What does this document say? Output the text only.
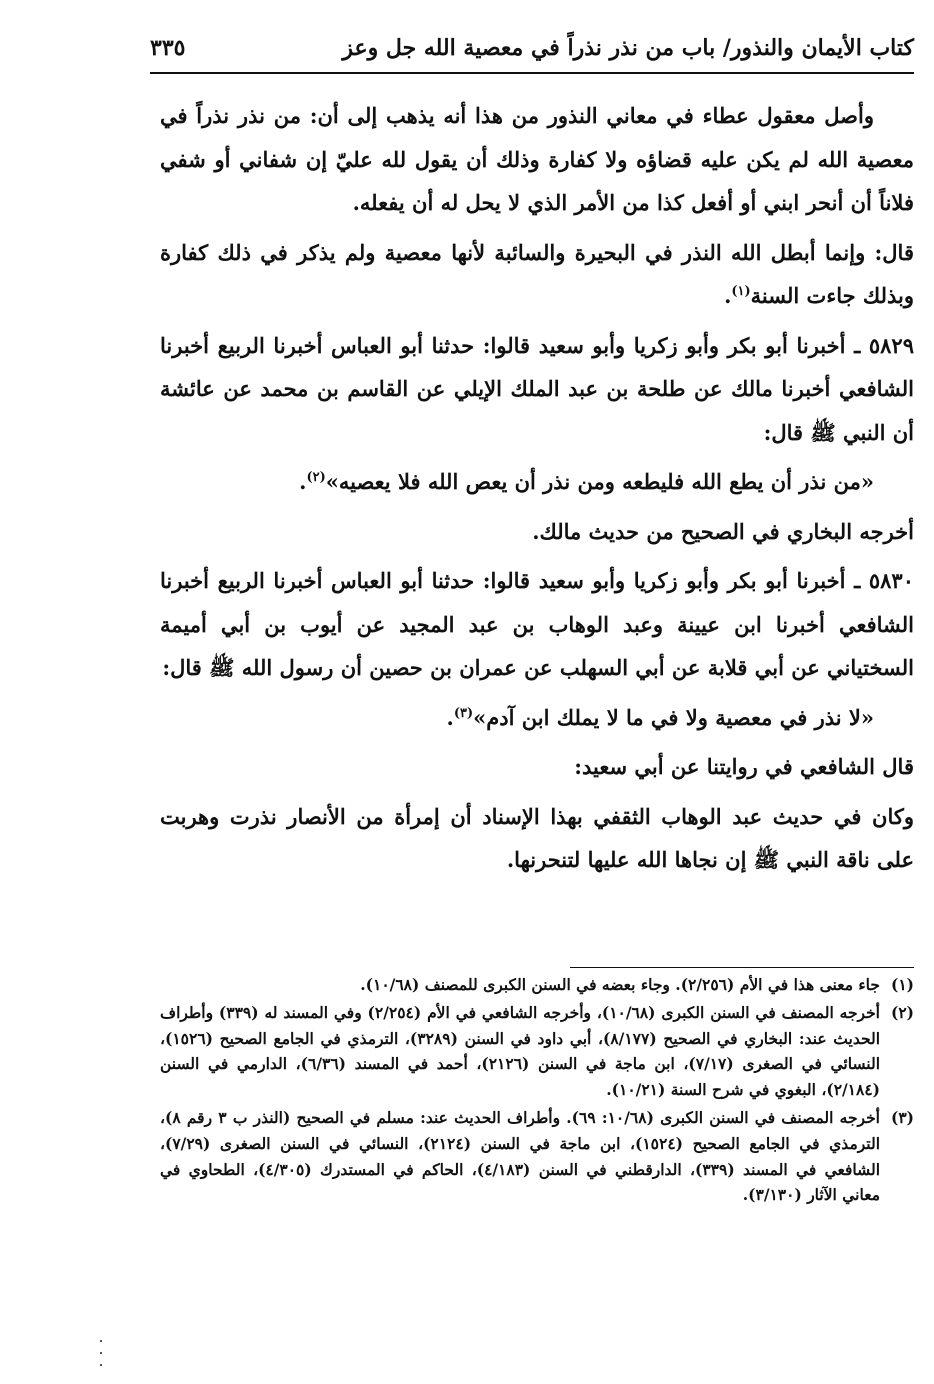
كتاب الأيمان والنذور/ باب من نذر نذراً في معصية الله جل وعز
٣٣٥

وأصل معقول عطاء في معاني النذور من هذا أنه يذهب إلى أن: من نذر نذراً في معصية الله لم يكن عليه قضاؤه ولا كفارة وذلك أن يقول لله عليّ إن شفاني أو شفي فلاناً أن أنحر ابني أو أفعل كذا من الأمر الذي لا يحل له أن يفعله.

قال: وإنما أبطل الله النذر في البحيرة والسائبة لأنها معصية ولم يذكر في ذلك كفارة وبذلك جاءت السنة$^{(١)}$.

٥٨٢٩ ـ أخبرنا أبو بكر وأبو زكريا وأبو سعيد قالوا: حدثنا أبو العباس أخبرنا الربيع أخبرنا الشافعي أخبرنا مالك عن طلحة بن عبد الملك الإيلي عن القاسم بن محمد عن عائشة أن النبي ﷺ قال:

«من نذر أن يطع الله فليطعه ومن نذر أن يعص الله فلا يعصيه»$^{(٢)}$.

أخرجه البخاري في الصحيح من حديث مالك.

٥٨٣٠ ـ أخبرنا أبو بكر وأبو زكريا وأبو سعيد قالوا: حدثنا أبو العباس أخبرنا الربيع أخبرنا الشافعي أخبرنا ابن عيينة وعبد الوهاب بن عبد المجيد عن أيوب بن أبي أميمة السختياني عن أبي قلابة عن أبي السهلب عن عمران بن حصين أن رسول الله ﷺ قال:

«لا نذر في معصية ولا في ما لا يملك ابن آدم»$^{(٣)}$.

قال الشافعي في روايتنا عن أبي سعيد:

وكان في حديث عبد الوهاب الثقفي بهذا الإسناد أن إمرأة من الأنصار نذرت وهربت على ناقة النبي ﷺ إن نجاها الله عليها لتنحرنها.

(١)
جاء معنى هذا في الأم (٢/٢٥٦). وجاء بعضه في السنن الكبرى للمصنف (١٠/٦٨).
(٢)
أخرجه المصنف في السنن الكبرى (١٠/٦٨)، وأخرجه الشافعي في الأم (٢/٢٥٤) وفي المسند له (٣٣٩) وأطراف الحديث عند: البخاري في الصحيح (٨/١٧٧)، أبي داود في السنن (٣٢٨٩)، الترمذي في الجامع الصحيح (١٥٢٦)، النسائي في الصغرى (٧/١٧)، ابن ماجة في السنن (٢١٢٦)، أحمد في المسند (٦/٣٦)، الدارمي في السنن (٢/١٨٤)، البغوي في شرح السنة (١٠/٢١).
(٣)
أخرجه المصنف في السنن الكبرى (١٠/٦٨: ٦٩). وأطراف الحديث عند: مسلم في الصحيح (النذر ب ٣ رقم ٨)، الترمذي في الجامع الصحيح (١٥٢٤)، ابن ماجة في السنن (٢١٢٤)، النسائي في السنن الصغرى (٧/٢٩)، الشافعي في المسند (٣٣٩)، الدارقطني في السنن (٤/١٨٣)، الحاكم في المستدرك (٤/٣٠٥)، الطحاوي في معاني الآثار (٣/١٣٠).
